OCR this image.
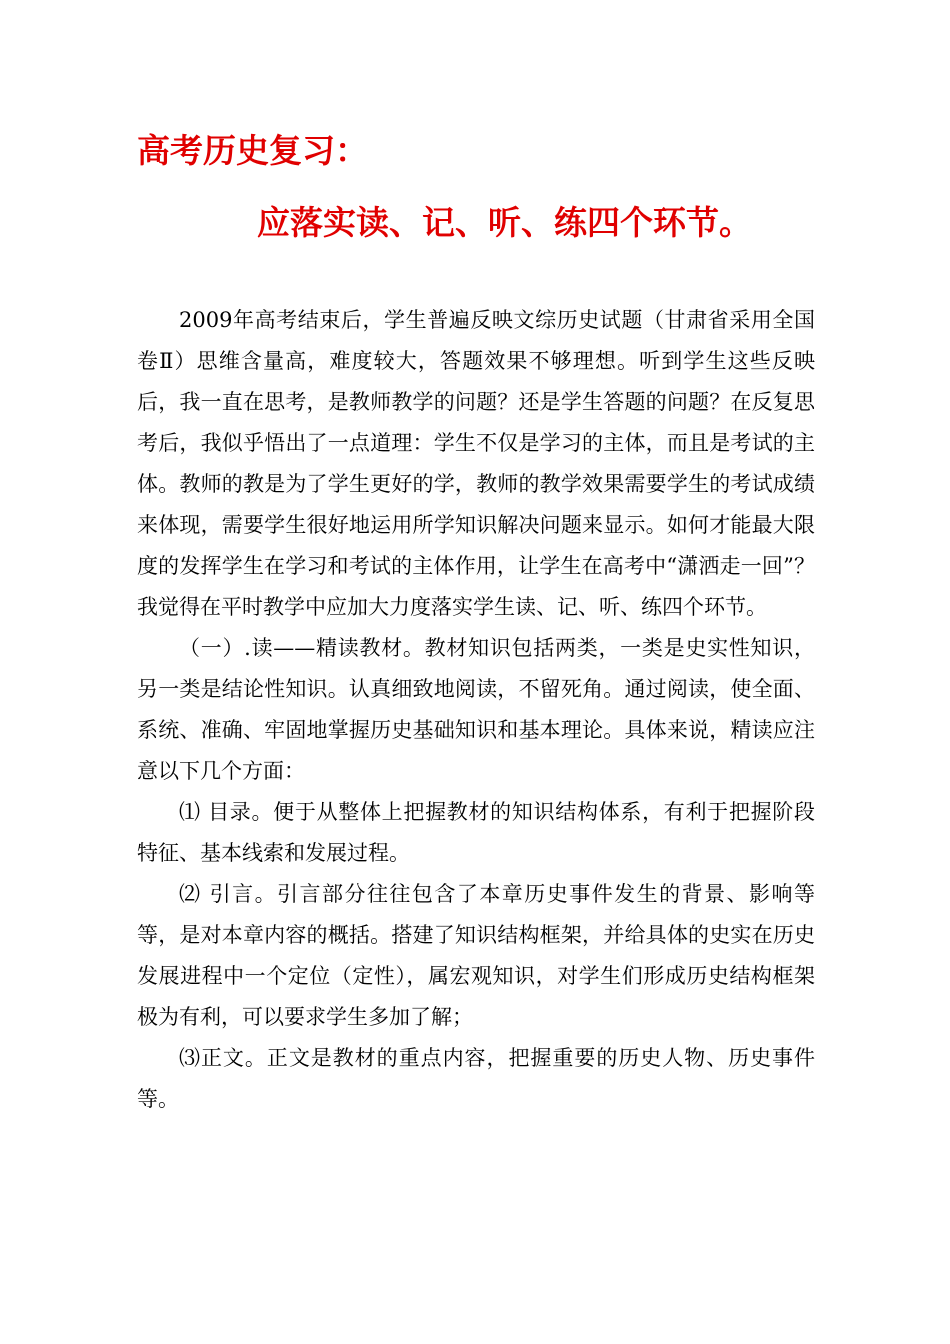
高考历史复习：
应落实读、记、听、练四个环节。

2009年高考结束后，学生普遍反映文综历史试题（甘肃省采用全国卷Ⅱ）思维含量高，难度较大，答题效果不够理想。听到学生这些反映后，我一直在思考，是教师教学的问题？还是学生答题的问题？在反复思考后，我似乎悟出了一点道理：学生不仅是学习的主体，而且是考试的主体。教师的教是为了学生更好的学，教师的教学效果需要学生的考试成绩来体现，需要学生很好地运用所学知识解决问题来显示。如何才能最大限度的发挥学生在学习和考试的主体作用，让学生在高考中“潇洒走一回”？我觉得在平时教学中应加大力度落实学生读、记、听、练四个环节。

（一）.读——精读教材。教材知识包括两类，一类是史实性知识，另一类是结论性知识。认真细致地阅读，不留死角。通过阅读，使全面、系统、准确、牢固地掌握历史基础知识和基本理论。具体来说，精读应注意以下几个方面：

⑴ 目录。便于从整体上把握教材的知识结构体系，有利于把握阶段特征、基本线索和发展过程。

⑵ 引言。引言部分往往包含了本章历史事件发生的背景、影响等等，是对本章内容的概括。搭建了知识结构框架，并给具体的史实在历史发展进程中一个定位（定性），属宏观知识，对学生们形成历史结构框架极为有利，可以要求学生多加了解；

⑶正文。正文是教材的重点内容，把握重要的历史人物、历史事件等。
